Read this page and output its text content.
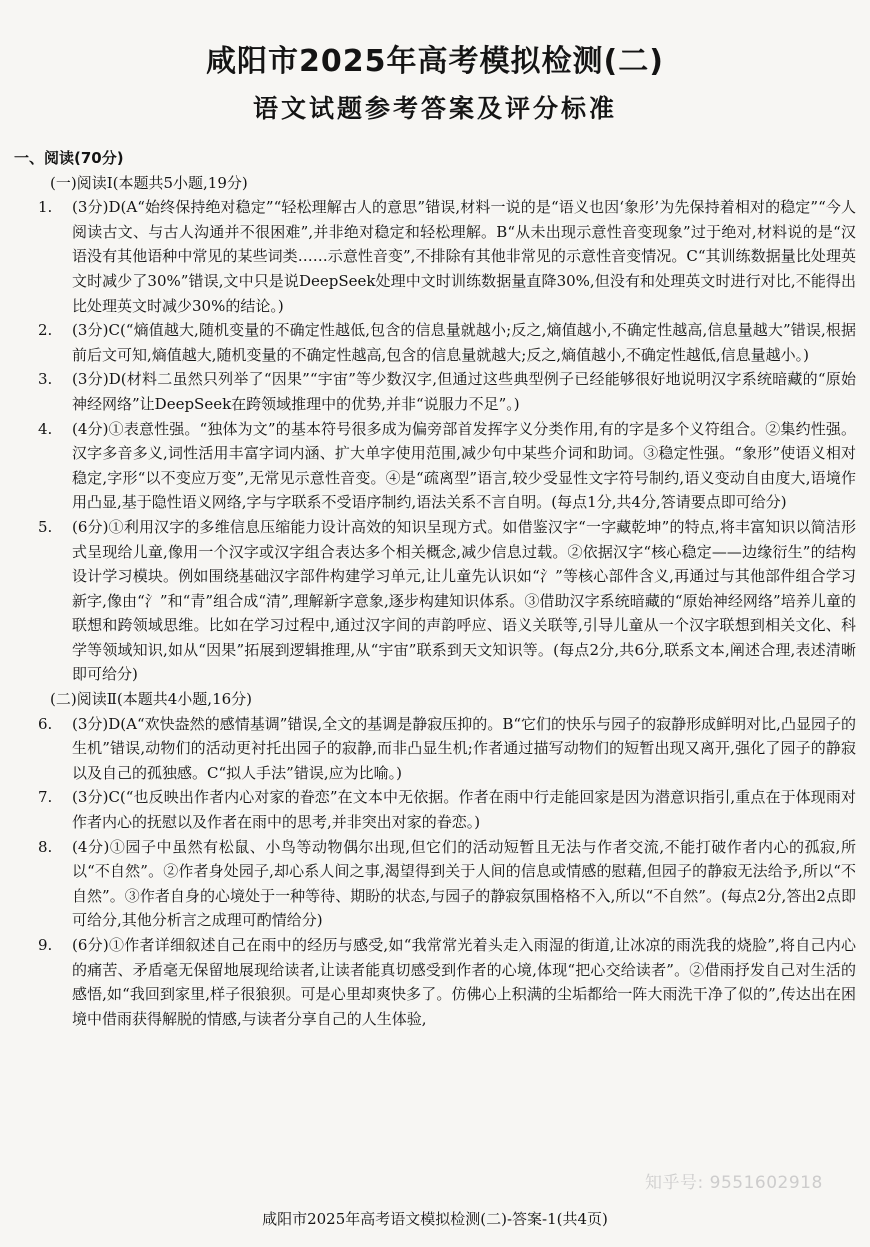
咸阳市2025年高考模拟检测(二)
语文试题参考答案及评分标准
一、阅读(70分)
(一)阅读Ⅰ(本题共5小题,19分)
1. (3分)D(A“始终保持绝对稳定”“轻松理解古人的意思”错误,材料一说的是“语义也因‘象形’为先保持着相对的稳定”“今人阅读古文、与古人沟通并不很困难”,并非绝对稳定和轻松理解。B“从未出现示意性音变现象”过于绝对,材料说的是“汉语没有其他语种中常见的某些词类……示意性音变”,不排除有其他非常见的示意性音变情况。C“其训练数据量比处理英文时减少了30%”错误,文中只是说DeepSeek处理中文时训练数据量直降30%,但没有和处理英文时进行对比,不能得出比处理英文时减少30%的结论。)
2. (3分)C(“熵值越大,随机变量的不确定性越低,包含的信息量就越小;反之,熵值越小,不确定性越高,信息量越大”错误,根据前后文可知,熵值越大,随机变量的不确定性越高,包含的信息量就越大;反之,熵值越小,不确定性越低,信息量越小。)
3. (3分)D(材料二虽然只列举了“因果”“宇宙”等少数汉字,但通过这些典型例子已经能够很好地说明汉字系统暗藏的“原始神经网络”让DeepSeek在跨领域推理中的优势,并非“说服力不足”。)
4. (4分)①表意性强。“独体为文”的基本符号很多成为偏旁部首发挥字义分类作用,有的字是多个义符组合。②集约性强。汉字多音多义,词性活用丰富字词内涵、扩大单字使用范围,减少句中某些介词和助词。③稳定性强。“象形”使语义相对稳定,字形“以不变应万变”,无常见示意性音变。④是“疏离型”语言,较少受显性文字符号制约,语义变动自由度大,语境作用凸显,基于隐性语义网络,字与字联系不受语序制约,语法关系不言自明。(每点1分,共4分,答请要点即可给分)
5. (6分)①利用汉字的多维信息压缩能力设计高效的知识呈现方式。如借鉴汉字“一字藏乾坤”的特点,将丰富知识以简洁形式呈现给儿童,像用一个汉字或汉字组合表达多个相关概念,减少信息过载。②依据汉字“核心稳定——边缘衍生”的结构设计学习模块。例如围绕基础汉字部件构建学习单元,让儿童先认识如“氵”等核心部件含义,再通过与其他部件组合学习新字,像由“氵”和“青”组合成“清”,理解新字意象,逐步构建知识体系。③借助汉字系统暗藏的“原始神经网络”培养儿童的联想和跨领域思维。比如在学习过程中,通过汉字间的声韵呼应、语义关联等,引导儿童从一个汉字联想到相关文化、科学等领域知识,如从“因果”拓展到逻辑推理,从“宇宙”联系到天文知识等。(每点2分,共6分,联系文本,阐述合理,表述清晰即可给分)
(二)阅读Ⅱ(本题共4小题,16分)
6. (3分)D(A“欢快盎然的感情基调”错误,全文的基调是静寂压抑的。B“它们的快乐与园子的寂静形成鲜明对比,凸显园子的生机”错误,动物们的活动更衬托出园子的寂静,而非凸显生机;作者通过描写动物们的短暂出现又离开,强化了园子的静寂以及自己的孤独感。C“拟人手法”错误,应为比喻。)
7. (3分)C(“也反映出作者内心对家的眷恋”在文本中无依据。作者在雨中行走能回家是因为潜意识指引,重点在于体现雨对作者内心的抚慰以及作者在雨中的思考,并非突出对家的眷恋。)
8. (4分)①园子中虽然有松鼠、小鸟等动物偶尔出现,但它们的活动短暂且无法与作者交流,不能打破作者内心的孤寂,所以“不自然”。②作者身处园子,却心系人间之事,渴望得到关于人间的信息或情感的慰藉,但园子的静寂无法给予,所以“不自然”。③作者自身的心境处于一种等待、期盼的状态,与园子的静寂氛围格格不入,所以“不自然”。(每点2分,答出2点即可给分,其他分析言之成理可酌情给分)
9. (6分)①作者详细叙述自己在雨中的经历与感受,如“我常常光着头走入雨湿的街道,让冰凉的雨洗我的烧脸”,将自己内心的痛苦、矛盾毫无保留地展现给读者,让读者能真切感受到作者的心境,体现“把心交给读者”。②借雨抒发自己对生活的感悟,如“我回到家里,样子很狼狈。可是心里却爽快多了。仿佛心上积满的尘垢都给一阵大雨洗干净了似的”,传达出在困境中借雨获得解脱的情感,与读者分享自己的人生体验,
知乎号: 9551602918
咸阳市2025年高考语文模拟检测(二)-答案-1(共4页)
